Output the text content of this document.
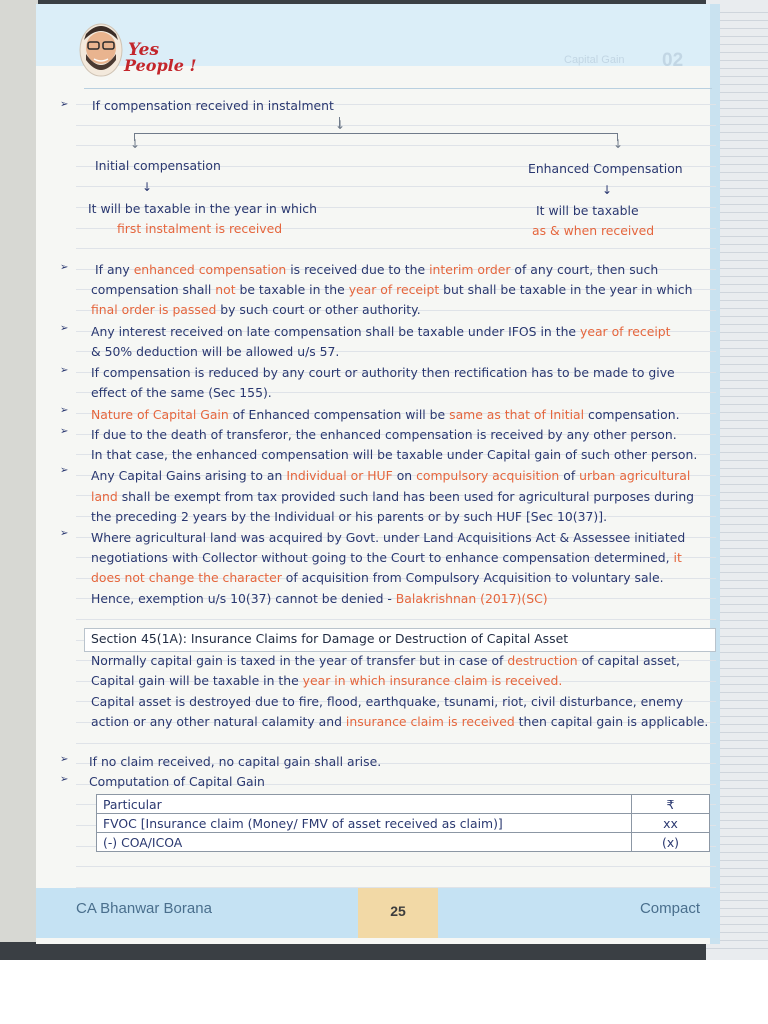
Yes
People !	Capital Gain 02
➢ If compensation received in instalment
↓
↓	↓
Initial compensation
↓
It will be taxable in the year in which
first instalment is received
Enhanced Compensation
↓
It will be taxable
as & when received
➢ If any enhanced compensation is received due to the interim order of any court, then such
compensation shall not be taxable in the year of receipt but shall be taxable in the year in which
final order is passed by such court or other authority.
➢ Any interest received on late compensation shall be taxable under IFOS in the year of receipt
& 50% deduction will be allowed u/s 57.
➢ If compensation is reduced by any court or authority then rectification has to be made to give
effect of the same (Sec 155).
➢ Nature of Capital Gain of Enhanced compensation will be same as that of Initial compensation.
➢ If due to the death of transferor, the enhanced compensation is received by any other person.
In that case, the enhanced compensation will be taxable under Capital gain of such other person.
➢ Any Capital Gains arising to an Individual or HUF on compulsory acquisition of urban agricultural
land shall be exempt from tax provided such land has been used for agricultural purposes during
the preceding 2 years by the Individual or his parents or by such HUF [Sec 10(37)].
➢ Where agricultural land was acquired by Govt. under Land Acquisitions Act & Assessee initiated
negotiations with Collector without going to the Court to enhance compensation determined, it
does not change the character of acquisition from Compulsory Acquisition to voluntary sale.
Hence, exemption u/s 10(37) cannot be denied - Balakrishnan (2017)(SC)
Section 45(1A): Insurance Claims for Damage or Destruction of Capital Asset
Normally capital gain is taxed in the year of transfer but in case of destruction of capital asset,
Capital gain will be taxable in the year in which insurance claim is received.
Capital asset is destroyed due to fire, flood, earthquake, tsunami, riot, civil disturbance, enemy
action or any other natural calamity and insurance claim is received then capital gain is applicable.
➢ If no claim received, no capital gain shall arise.
➢ Computation of Capital Gain
Particular	₹
FVOC [Insurance claim (Money/ FMV of asset received as claim)]	xx
(-) COA/ICOA	(x)
25
CA Bhanwar Borana	Compact
